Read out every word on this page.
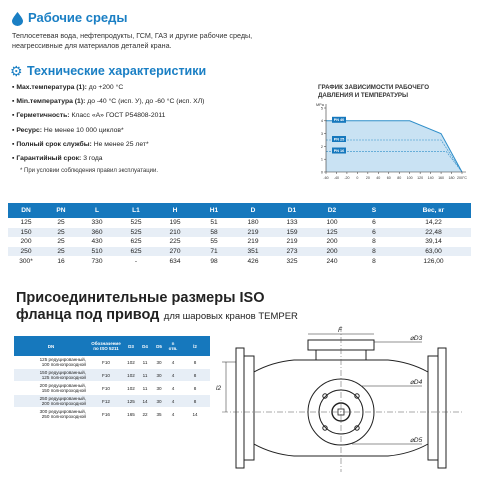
Рабочие среды
Теплосетевая вода, нефтепродукты, ГСМ, ГАЗ и другие рабочие среды,
неагрессивные для материалов деталей крана.
⚙ Технические характеристики
▪ Max.температура (1): до +200 °C
▪ Min.температура (1): до -40 °C (исп. У), до -60 °C (исп. ХЛ)
▪ Герметичность: Класс «А» ГОСТ Р54808-2011
▪ Ресурс: Не менее 10 000 циклов*
▪ Полный срок службы: Не менее 25 лет*
▪ Гарантийный срок: 3 года
* При условии соблюдения правил эксплуатации.
ГРАФИК ЗАВИСИМОСТИ РАБОЧЕГО
ДАВЛЕНИЯ И ТЕМПЕРАТУРЫ
PN 40
PN 25
PN 16
0
1
2
3
4
5
MPa
-60 -40 -20 0 20 40 60 80 100 120 140 160 180 200°C
DN	PN	L	L1	H	H1	D	D1	D2	S	Вес, кг
125	25	330	525	195	51	180	133	100	6	14,22
150	25	360	525	210	58	219	159	125	6	22,48
200	25	430	625	225	55	219	219	200	8	39,14
250	25	510	625	270	71	351	273	200	8	63,00
300*	16	730	-	634	98	426	325	240	8	126,00
Присоединительные размеры ISO
фланца под привод для шаровых кранов TEMPER
DN	Обозначение
по ISO 5211	D3	D4	D5	n
отв.	l2
125 редуцированный,
100 полнопроходной	F10	102	11	30	4	8
150 редуцированный,
125 полнопроходной	F10	102	11	30	4	8
200 редуцированный,
150 полнопроходной	F10	102	11	30	4	8
250 редуцированный,
200 полнопроходной	F12	125	14	30	4	8
300 редуцированный,
250 полнопроходной	F16	165	22	35	4	14
l2
⌀D3
⌀D4
⌀D5
F
